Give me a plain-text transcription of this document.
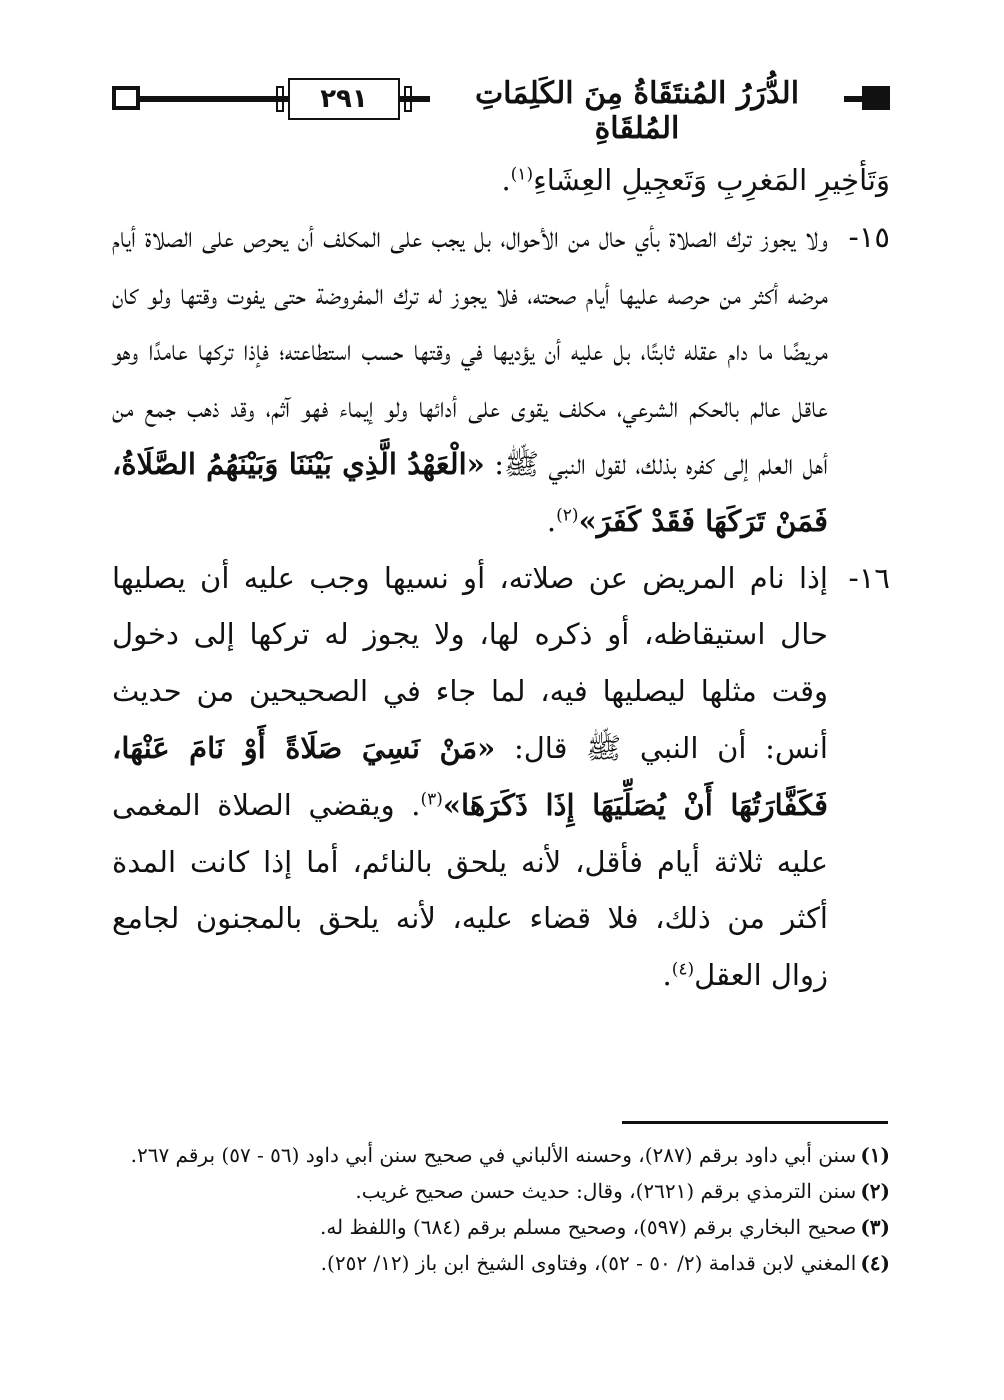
٢٩١	الدُّرَرُ المُنتَقَاةُ مِنَ الكَلِمَاتِ المُلقَاةِ

وَتَأخِيرِ المَغرِبِ وَتَعجِيلِ العِشَاءِ$^{(١)}$.

١٥-
ولا يجوز ترك الصلاة بأي حال من الأحوال، بل يجب على المكلف أن يحرص على الصلاة أيام مرضه أكثر من حرصه عليها أيام صحته، فلا يجوز له ترك المفروضة حتى يفوت وقتها ولو كان مريضًا ما دام عقله ثابتًا، بل عليه أن يؤديها في وقتها حسب استطاعته؛ فإذا تركها عامدًا وهو عاقل عالم بالحكم الشرعي، مكلف يقوى على أدائها ولو إيماء فهو آثم، وقد ذهب جمع من أهل العلم إلى كفره بذلك، لقول النبي ﷺ: «الْعَهْدُ الَّذِي بَيْنَنَا وَبَيْنَهُمُ الصَّلَاةُ، فَمَنْ تَرَكَهَا فَقَدْ كَفَرَ»$^{(٢)}$.

١٦-
إذا نام المريض عن صلاته، أو نسيها وجب عليه أن يصليها حال استيقاظه، أو ذكره لها، ولا يجوز له تركها إلى دخول وقت مثلها ليصليها فيه، لما جاء في الصحيحين من حديث أنس: أن النبي ﷺ قال: «مَنْ نَسِيَ صَلَاةً أَوْ نَامَ عَنْهَا، فَكَفَّارَتُهَا أَنْ يُصَلِّيَهَا إِذَا ذَكَرَهَا»$^{(٣)}$. ويقضي الصلاة المغمى عليه ثلاثة أيام فأقل، لأنه يلحق بالنائم، أما إذا كانت المدة أكثر من ذلك، فلا قضاء عليه، لأنه يلحق بالمجنون لجامع زوال العقل$^{(٤)}$.

(١)سنن أبي داود برقم (٢٨٧)، وحسنه الألباني في صحيح سنن أبي داود (٥٦ - ٥٧) برقم ٢٦٧.

(٢)سنن الترمذي برقم (٢٦٢١)، وقال: حديث حسن صحيح غريب.

(٣)صحيح البخاري برقم (٥٩٧)، وصحيح مسلم برقم (٦٨٤) واللفظ له.

(٤)المغني لابن قدامة (٢/ ٥٠ - ٥٢)، وفتاوى الشيخ ابن باز (١٢/ ٢٥٢).
